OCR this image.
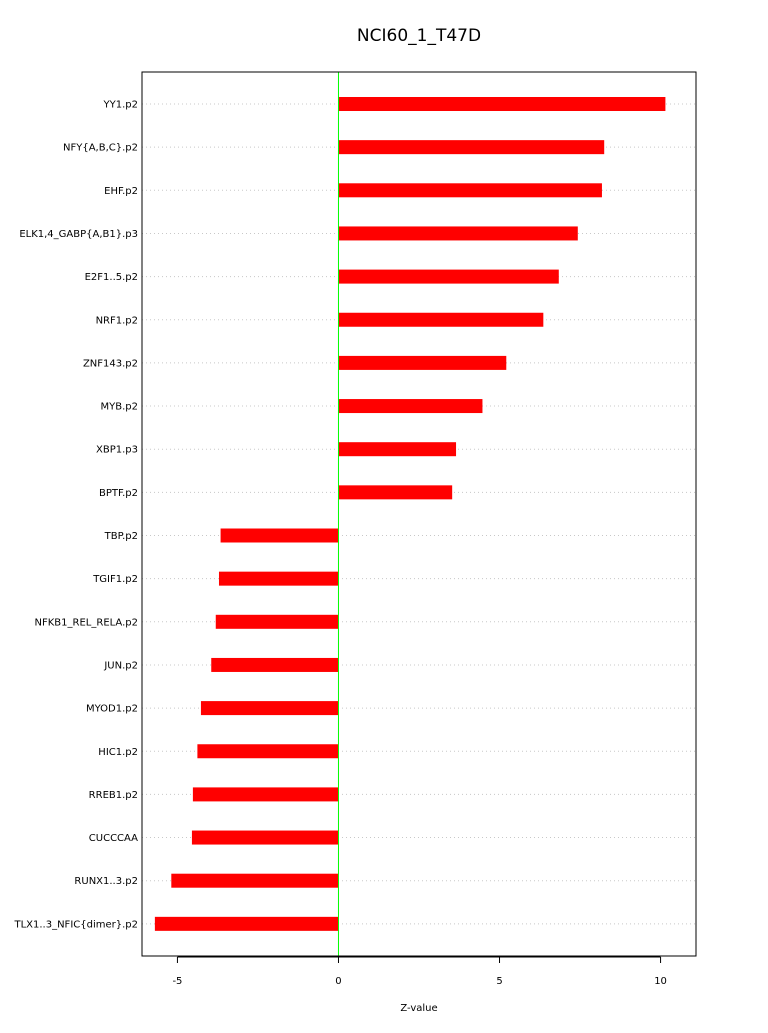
NCI60_1_T47D
YY1.p2
NFY{A,B,C}.p2
EHF.p2
ELK1,4_GABP{A,B1}.p3
E2F1..5.p2
NRF1.p2
ZNF143.p2
MYB.p2
XBP1.p3
BPTF.p2
TBP.p2
TGIF1.p2
NFKB1_REL_RELA.p2
JUN.p2
MYOD1.p2
HIC1.p2
RREB1.p2
CUCCCAA
RUNX1..3.p2
TLX1..3_NFIC{dimer}.p2
-5	0	5	10
Z-value
